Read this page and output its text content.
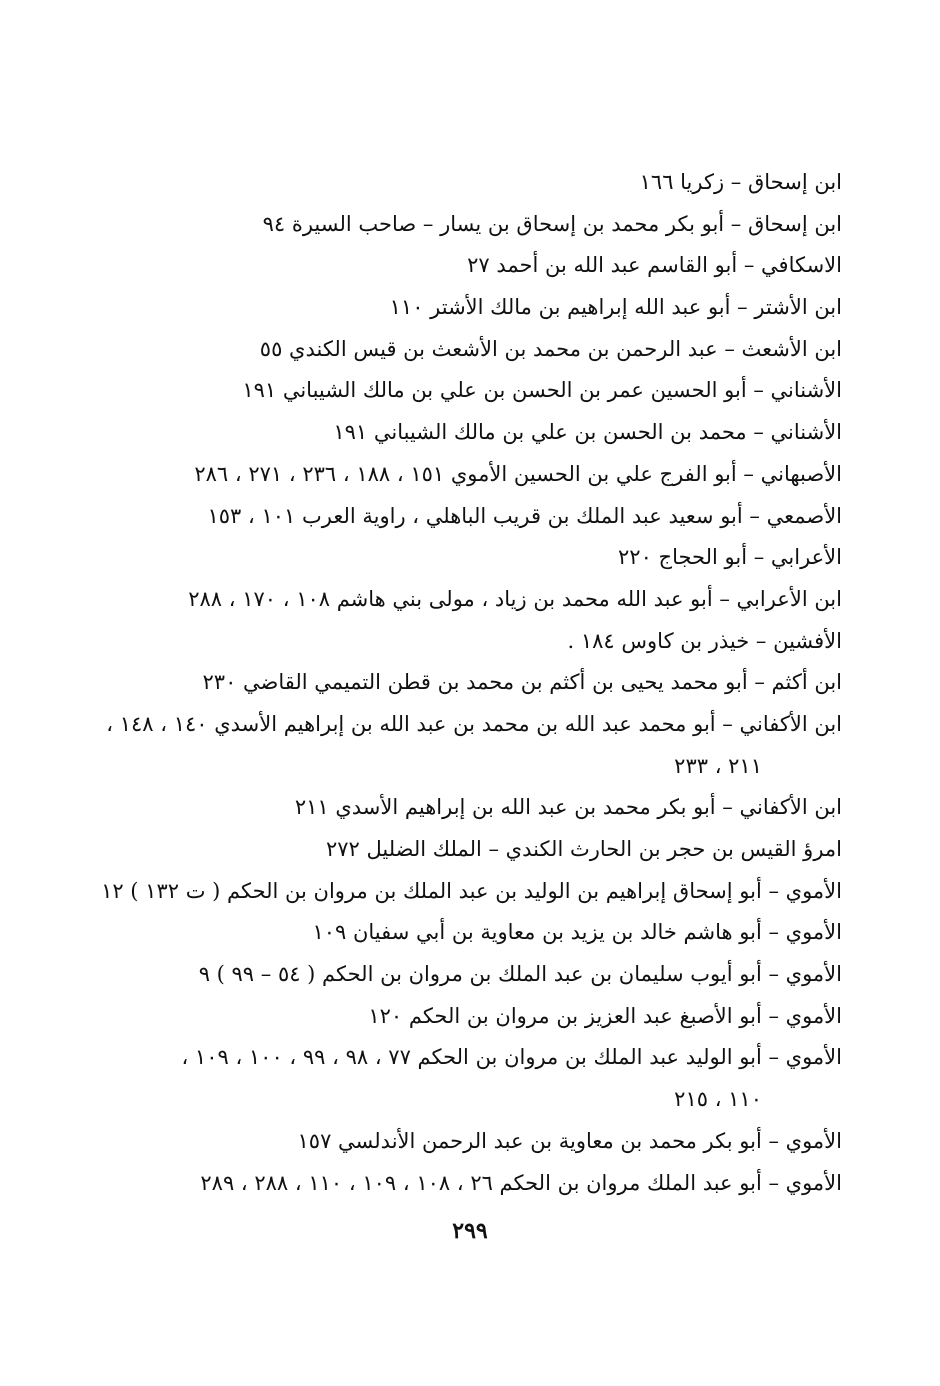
ابن إسحاق – زكريا ١٦٦
ابن إسحاق – أبو بكر محمد بن إسحاق بن يسار – صاحب السيرة ٩٤
الاسكافي – أبو القاسم عبد الله بن أحمد ٢٧
ابن الأشتر – أبو عبد الله إبراهيم بن مالك الأشتر ١١٠
ابن الأشعث – عبد الرحمن بن محمد بن الأشعث بن قيس الكندي ٥٥
الأشناني – أبو الحسين عمر بن الحسن بن علي بن مالك الشيباني ١٩١
الأشناني – محمد بن الحسن بن علي بن مالك الشيباني ١٩١
الأصبهاني – أبو الفرج علي بن الحسين الأموي ١٥١ ، ١٨٨ ، ٢٣٦ ، ٢٧١ ، ٢٨٦
الأصمعي – أبو سعيد عبد الملك بن قريب الباهلي ، راوية العرب ١٠١ ، ١٥٣
الأعرابي – أبو الحجاج ٢٢٠
ابن الأعرابي – أبو عبد الله محمد بن زياد ، مولى بني هاشم ١٠٨ ، ١٧٠ ، ٢٨٨
الأفشين – خيذر بن كاوس ١٨٤ .
ابن أكثم – أبو محمد يحيى بن أكثم بن محمد بن قطن التميمي القاضي ٢٣٠
ابن الأكفاني – أبو محمد عبد الله بن محمد بن عبد الله بن إبراهيم الأسدي ١٤٠ ، ١٤٨ ،
٢١١ ، ٢٣٣
ابن الأكفاني – أبو بكر محمد بن عبد الله بن إبراهيم الأسدي ٢١١
امرؤ القيس بن حجر بن الحارث الكندي – الملك الضليل ٢٧٢
الأموي – أبو إسحاق إبراهيم بن الوليد بن عبد الملك بن مروان بن الحكم ( ت ١٣٢ ) ١٢
الأموي – أبو هاشم خالد بن يزيد بن معاوية بن أبي سفيان ١٠٩
الأموي – أبو أيوب سليمان بن عبد الملك بن مروان بن الحكم ( ٥٤ – ٩٩ ) ٩
الأموي – أبو الأصبغ عبد العزيز بن مروان بن الحكم ١٢٠
الأموي – أبو الوليد عبد الملك بن مروان بن الحكم ٧٧ ، ٩٨ ، ٩٩ ، ١٠٠ ، ١٠٩ ،
١١٠ ، ٢١٥
الأموي – أبو بكر محمد بن معاوية بن عبد الرحمن الأندلسي ١٥٧
الأموي – أبو عبد الملك مروان بن الحكم ٢٦ ، ١٠٨ ، ١٠٩ ، ١١٠ ، ٢٨٨ ، ٢٨٩
٢٩٩
